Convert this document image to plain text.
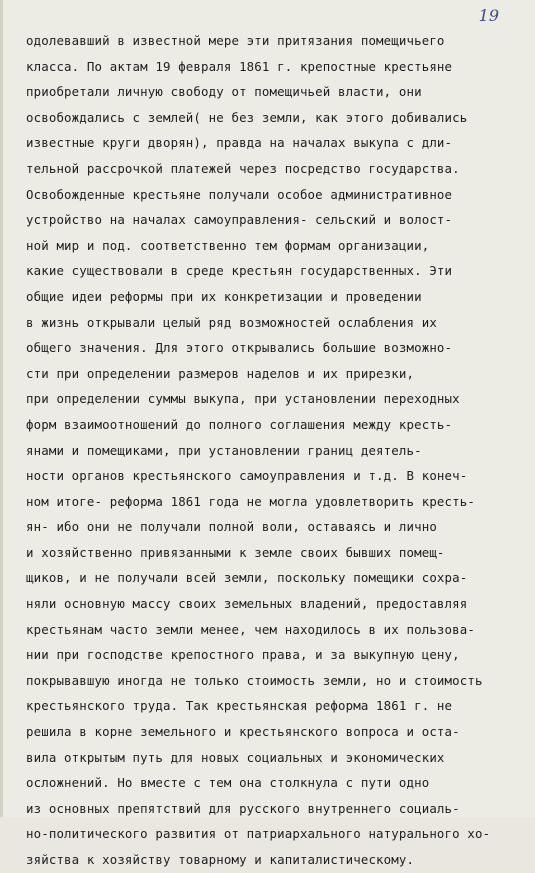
19
одолевавший в известной мере эти притязания помещичьего
класса. По актам 19 февраля 1861 г. крепостные крестьяне
приобретали личную свободу от помещичьей власти, они
освобождались с землей( не без земли, как этого добивались
известные круги дворян), правда на началах выкупа с дли-
тельной рассрочкой платежей через посредство государства.
Освобожденные крестьяне получали особое административное
устройство на началах самоуправления- сельский и волост-
ной мир и под. соответственно тем формам организации,
какие существовали в среде крестьян государственных. Эти
общие идеи реформы при их конкретизации и проведении
в жизнь открывали целый ряд возможностей ослабления их
общего значения. Для этого открывались большие возможно-
сти при определении размеров наделов и их прирезки,
при определении суммы выкупа, при установлении переходных
форм взаимоотношений до полного соглашения между кресть-
янами и помещиками, при установлении границ деятель-
ности органов крестьянского самоуправления и т.д. В конеч-
ном итоге- реформа 1861 года не могла удовлетворить кресть-
ян- ибо они не получали полной воли, оставаясь и лично
и хозяйственно привязанными к земле своих бывших помещ-
щиков, и не получали всей земли, поскольку помещики сохра-
няли основную массу своих земельных владений, предоставляя
крестьянам часто земли менее, чем находилось в их пользова-
нии при господстве крепостного права, и за выкупную цену,
покрывавшую иногда не только стоимость земли, но и стоимость
крестьянского труда. Так крестьянская реформа 1861 г. не
решила в корне земельного и крестьянского вопроса и оста-
вила открытым путь для новых социальных и экономических
осложнений. Но вместе с тем она столкнула с пути одно
из основных препятствий для русского внутреннего социаль-
но-политического развития от патриархального натурального хо-
зяйства к хозяйству товарному и капиталистическому.
